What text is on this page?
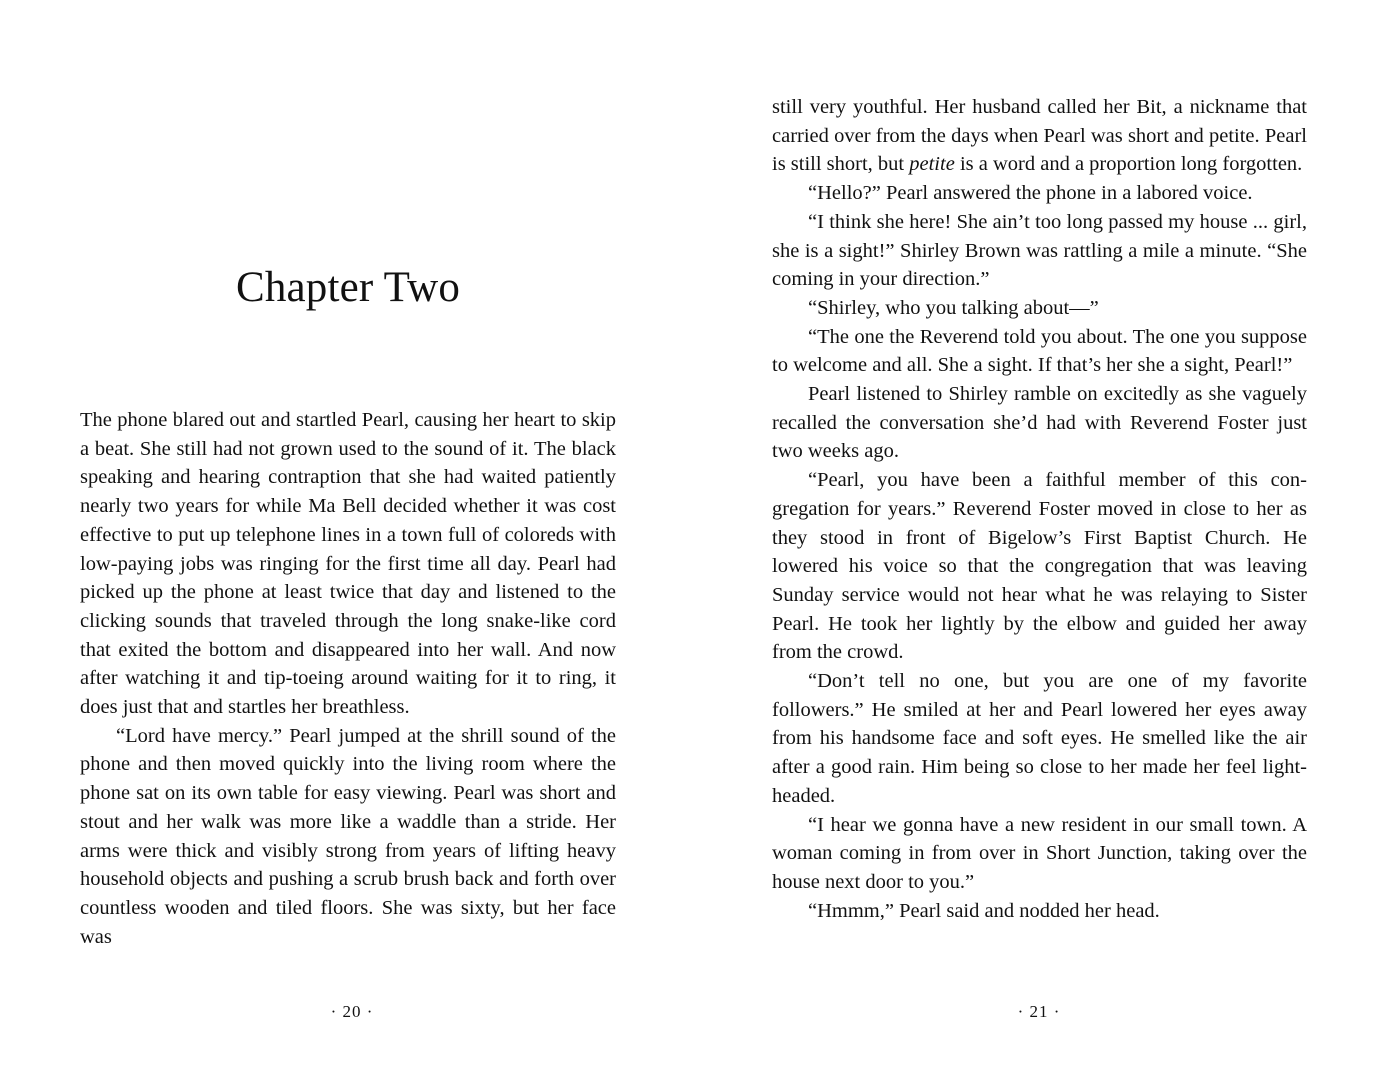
Chapter Two

The phone blared out and startled Pearl, causing her heart to skip a beat. She still had not grown used to the sound of it. The black speaking and hearing contraption that she had waited patiently nearly two years for while Ma Bell decided whether it was cost effective to put up telephone lines in a town full of coloreds with low-paying jobs was ringing for the first time all day. Pearl had picked up the phone at least twice that day and listened to the clicking sounds that traveled through the long snake-like cord that exited the bottom and disappeared into her wall. And now after watching it and tip-toeing around waiting for it to ring, it does just that and startles her breathless.

“Lord have mercy.” Pearl jumped at the shrill sound of the phone and then moved quickly into the living room where the phone sat on its own table for easy viewing. Pearl was short and stout and her walk was more like a waddle than a stride. Her arms were thick and visibly strong from years of lifting heavy household objects and pushing a scrub brush back and forth over countless wooden and tiled floors. She was sixty, but her face was

· 20 ·

still very youthful. Her husband called her Bit, a nickname that carried over from the days when Pearl was short and petite. Pearl is still short, but petite is a word and a proportion long forgotten.

“Hello?” Pearl answered the phone in a labored voice.

“I think she here! She ain’t too long passed my house ... girl, she is a sight!” Shirley Brown was rattling a mile a minute. “She coming in your direction.”

“Shirley, who you talking about—”

“The one the Reverend told you about. The one you suppose to welcome and all. She a sight. If that’s her she a sight, Pearl!”

Pearl listened to Shirley ramble on excitedly as she vaguely recalled the conversation she’d had with Reverend Foster just two weeks ago.

“Pearl, you have been a faithful member of this congregation for years.” Reverend Foster moved in close to her as they stood in front of Bigelow’s First Baptist Church. He lowered his voice so that the congregation that was leaving Sunday service would not hear what he was relaying to Sister Pearl. He took her lightly by the elbow and guided her away from the crowd.

“Don’t tell no one, but you are one of my favorite followers.” He smiled at her and Pearl lowered her eyes away from his handsome face and soft eyes. He smelled like the air after a good rain. Him being so close to her made her feel light-headed.

“I hear we gonna have a new resident in our small town. A woman coming in from over in Short Junction, taking over the house next door to you.”

“Hmmm,” Pearl said and nodded her head.

· 21 ·
